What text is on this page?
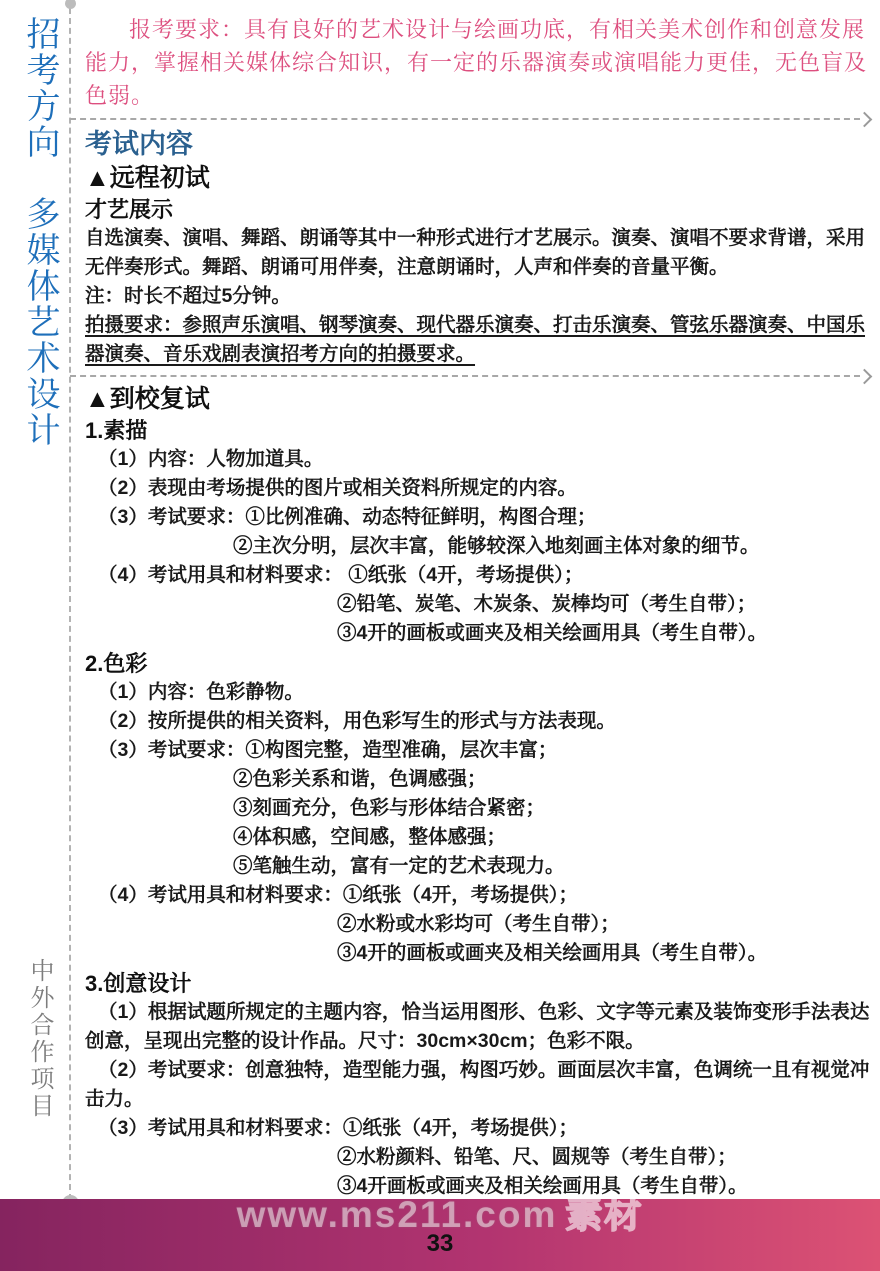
招考方向
多媒体艺术设计
中外合作项目
报考要求：具有良好的艺术设计与绘画功底，有相关美术创作和创意发展
能力，掌握相关媒体综合知识，有一定的乐器演奏或演唱能力更佳，无色盲及
色弱。
考试内容
▲远程初试
才艺展示
自选演奏、演唱、舞蹈、朗诵等其中一种形式进行才艺展示。演奏、演唱不要求背谱，采用
无伴奏形式。舞蹈、朗诵可用伴奏，注意朗诵时，人声和伴奏的音量平衡。
注：时长不超过5分钟。
拍摄要求：参照声乐演唱、钢琴演奏、现代器乐演奏、打击乐演奏、管弦乐器演奏、中国乐
器演奏、音乐戏剧表演招考方向的拍摄要求。
▲到校复试
1.素描
（1）内容：人物加道具。
（2）表现由考场提供的图片或相关资料所规定的内容。
（3）考试要求：①比例准确、动态特征鲜明，构图合理；
②主次分明，层次丰富，能够较深入地刻画主体对象的细节。
（4）考试用具和材料要求： ①纸张（4开，考场提供）；
②铅笔、炭笔、木炭条、炭棒均可（考生自带）；
③4开的画板或画夹及相关绘画用具（考生自带）。
2.色彩
（1）内容：色彩静物。
（2）按所提供的相关资料，用色彩写生的形式与方法表现。
（3）考试要求：①构图完整，造型准确，层次丰富；
②色彩关系和谐，色调感强；
③刻画充分，色彩与形体结合紧密；
④体积感，空间感，整体感强；
⑤笔触生动，富有一定的艺术表现力。
（4）考试用具和材料要求：①纸张（4开，考场提供）；
②水粉或水彩均可（考生自带）；
③4开的画板或画夹及相关绘画用具（考生自带）。
3.创意设计
（1）根据试题所规定的主题内容，恰当运用图形、色彩、文字等元素及装饰变形手法表达
创意，呈现出完整的设计作品。尺寸：30cm×30cm；色彩不限。
（2）考试要求：创意独特，造型能力强，构图巧妙。画面层次丰富，色调统一且有视觉冲
击力。
（3）考试用具和材料要求：①纸张（4开，考场提供）；
②水粉颜料、铅笔、尺、圆规等（考生自带）；
③4开画板或画夹及相关绘画用具（考生自带）。
www.ms211.com 素材
33
